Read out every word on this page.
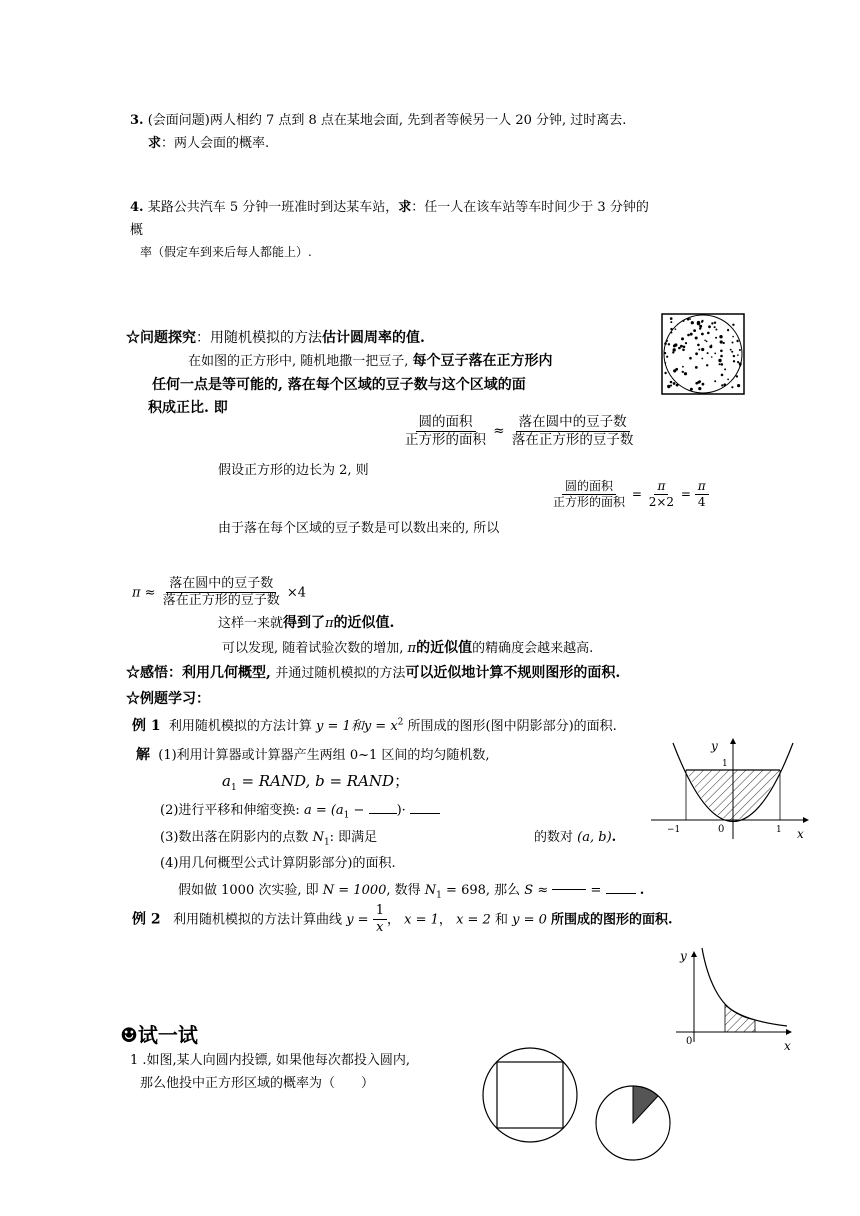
3. (会面问题)两人相约 7 点到 8 点在某地会面, 先到者等候另一人 20 分钟, 过时离去.
求：两人会面的概率.
4. 某路公共汽车 5 分钟一班准时到达某车站，求：任一人在该车站等车时间少于 3 分钟的
概
率（假定车到来后每人都能上）.
☆问题探究：用随机模拟的方法估计圆周率的值.
在如图的正方形中, 随机地撒一把豆子, 每个豆子落在正方形内
任何一点是等可能的, 落在每个区域的豆子数与这个区域的面
积成正比. 即
$\frac{\text{圆的面积}}{\text{正方形的面积}} \approx \frac{\text{落在圆中的豆子数}}{\text{落在正方形的豆子数}}$
假设正方形的边长为 2, 则
$\frac{\text{圆的面积}}{\text{正方形的面积}} = \frac{\pi}{2\times 2} = \frac{\pi}{4}$
由于落在每个区域的豆子数是可以数出来的, 所以
$\pi \approx \frac{\text{落在圆中的豆子数}}{\text{落在正方形的豆子数}} \times 4$
这样一来就得到了π的近似值.
可以发现, 随着试验次数的增加, π的近似值的精确度会越来越高.
☆感悟：利用几何概型, 并通过随机模拟的方法可以近似地计算不规则图形的面积.
☆例题学习：
例 1 利用随机模拟的方法计算 y = 1和$y = x^2$ 所围成的图形(图中阴影部分)的面积.
解 (1)利用计算器或计算器产生两组 0~1 区间的均匀随机数,
$a_1$ = RAND, b = RAND；
(2)进行平移和伸缩变换: $a = (a_1$ − )·
(3)数出落在阴影内的点数 $N_1$: 即满足	的数对 (a, b).
(4)用几何概型公式计算阴影部分)的面积.
假如做 1000 次实验, 即 N = 1000, 数得 $N_1 = 698$, 那么 S ≈	=	.
例 2 利用随机模拟的方法计算曲线 $y = \frac{1}{x}$ ， x = 1， x = 2 和 y = 0 所围成的图形的面积.
y
1
−1	0	1 x
y
0	x
☻试一试
1 .如图,某人向圆内投镖, 如果他每次都投入圆内,
那么他投中正方形区域的概率为（　　）
